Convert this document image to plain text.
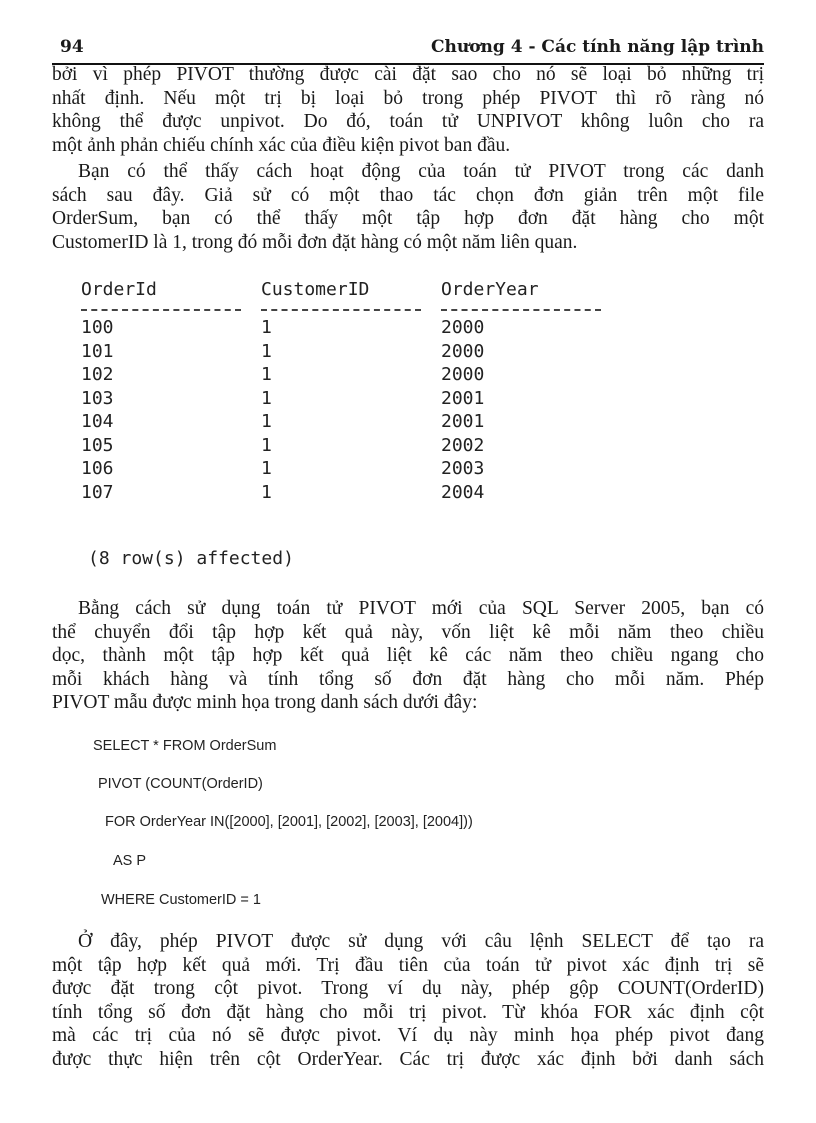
94	Chương 4 - Các tính năng lập trình

bởi vì phép PIVOT thường được cài đặt sao cho nó sẽ loại bỏ những trị
nhất định. Nếu một trị bị loại bỏ trong phép PIVOT thì rõ ràng nó
không thể được unpivot. Do đó, toán tử UNPIVOT không luôn cho ra
một ảnh phản chiếu chính xác của điều kiện pivot ban đầu.

Bạn có thể thấy cách hoạt động của toán tử PIVOT trong các danh
sách sau đây. Giả sử có một thao tác chọn đơn giản trên một file
OrderSum, bạn có thể thấy một tập hợp đơn đặt hàng cho một
CustomerID là 1, trong đó mỗi đơn đặt hàng có một năm liên quan.

OrderId	CustomerID	OrderYear
100	1	2000
101	1	2000
102	1	2000
103	1	2001
104	1	2001
105	1	2002
106	1	2003
107	1	2004
(8 row(s) affected)

Bằng cách sử dụng toán tử PIVOT mới của SQL Server 2005, bạn có
thể chuyển đổi tập hợp kết quả này, vốn liệt kê mỗi năm theo chiều
dọc, thành một tập hợp kết quả liệt kê các năm theo chiều ngang cho
mỗi khách hàng và tính tổng số đơn đặt hàng cho mỗi năm. Phép
PIVOT mẫu được minh họa trong danh sách dưới đây:

SELECT * FROM OrderSum
PIVOT (COUNT(OrderID)
FOR OrderYear IN([2000], [2001], [2002], [2003], [2004]))
AS P
WHERE CustomerID = 1

Ở đây, phép PIVOT được sử dụng với câu lệnh SELECT để tạo ra
một tập hợp kết quả mới. Trị đầu tiên của toán tử pivot xác định trị sẽ
được đặt trong cột pivot. Trong ví dụ này, phép gộp COUNT(OrderID)
tính tổng số đơn đặt hàng cho mỗi trị pivot. Từ khóa FOR xác định cột
mà các trị của nó sẽ được pivot. Ví dụ này minh họa phép pivot đang
được thực hiện trên cột OrderYear. Các trị được xác định bởi danh sách
